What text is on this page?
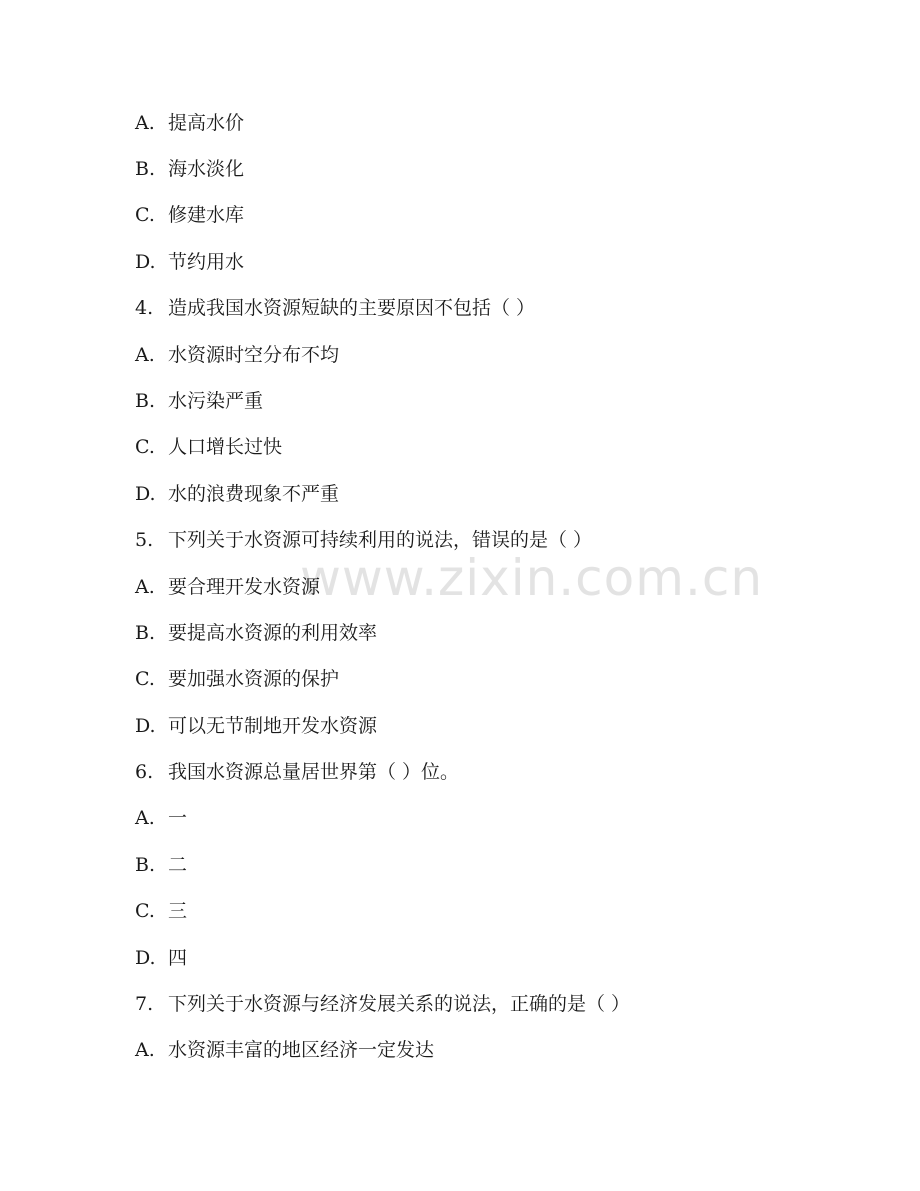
www.zixin.com.cn
A. 提高水价
B. 海水淡化
C. 修建水库
D. 节约用水
4. 造成我国水资源短缺的主要原因不包括（ ）
A. 水资源时空分布不均
B. 水污染严重
C. 人口增长过快
D. 水的浪费现象不严重
5. 下列关于水资源可持续利用的说法，错误的是（ ）
A. 要合理开发水资源
B. 要提高水资源的利用效率
C. 要加强水资源的保护
D. 可以无节制地开发水资源
6. 我国水资源总量居世界第（ ）位。
A. 一
B. 二
C. 三
D. 四
7. 下列关于水资源与经济发展关系的说法，正确的是（ ）
A. 水资源丰富的地区经济一定发达
